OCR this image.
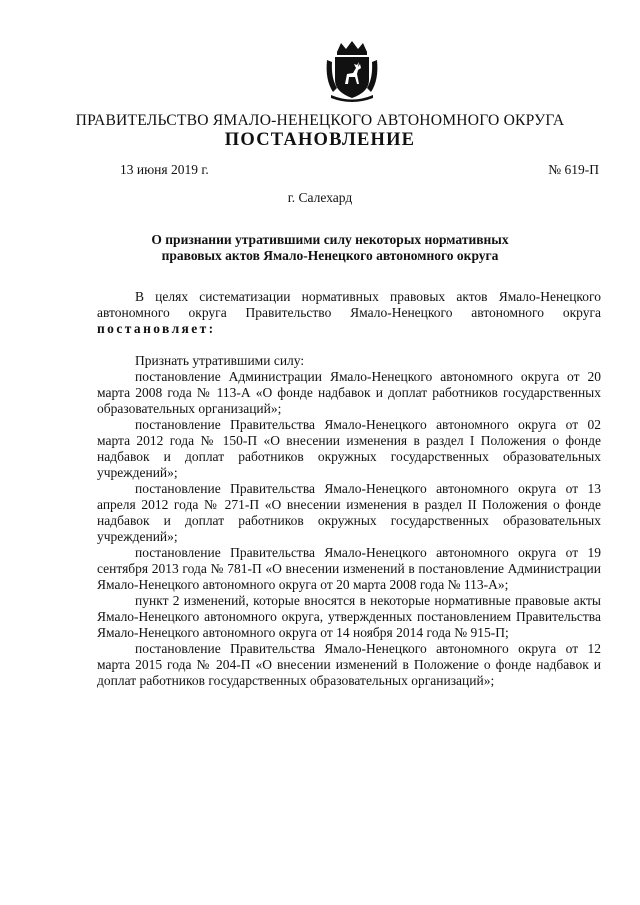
ПРАВИТЕЛЬСТВО ЯМАЛО-НЕНЕЦКОГО АВТОНОМНОГО ОКРУГА
ПОСТАНОВЛЕНИЕ
13 июня 2019 г.	№ 619-П
г. Салехард
О признании утратившими силу некоторых нормативных
правовых актов Ямало-Ненецкого автономного округа

В целях систематизации нормативных правовых актов Ямало-Ненецкого автономного округа Правительство Ямало-Ненецкого автономного округа постановляет:

Признать утратившими силу:

постановление Администрации Ямало-Ненецкого автономного округа от 20 марта 2008 года № 113-А «О фонде надбавок и доплат работников государственных образовательных организаций»;

постановление Правительства Ямало-Ненецкого автономного округа от 02 марта 2012 года № 150-П «О внесении изменения в раздел I Положения о фонде надбавок и доплат работников окружных государственных образовательных учреждений»;

постановление Правительства Ямало-Ненецкого автономного округа от 13 апреля 2012 года № 271-П «О внесении изменения в раздел II Положения о фонде надбавок и доплат работников окружных государственных образовательных учреждений»;

постановление Правительства Ямало-Ненецкого автономного округа от 19 сентября 2013 года № 781-П «О внесении изменений в постановление Администрации Ямало-Ненецкого автономного округа от 20 марта 2008 года № 113-А»;

пункт 2 изменений, которые вносятся в некоторые нормативные правовые акты Ямало-Ненецкого автономного округа, утвержденных постановлением Правительства Ямало-Ненецкого автономного округа от 14 ноября 2014 года № 915-П;

постановление Правительства Ямало-Ненецкого автономного округа от 12 марта 2015 года № 204-П «О внесении изменений в Положение о фонде надбавок и доплат работников государственных образовательных организаций»;
